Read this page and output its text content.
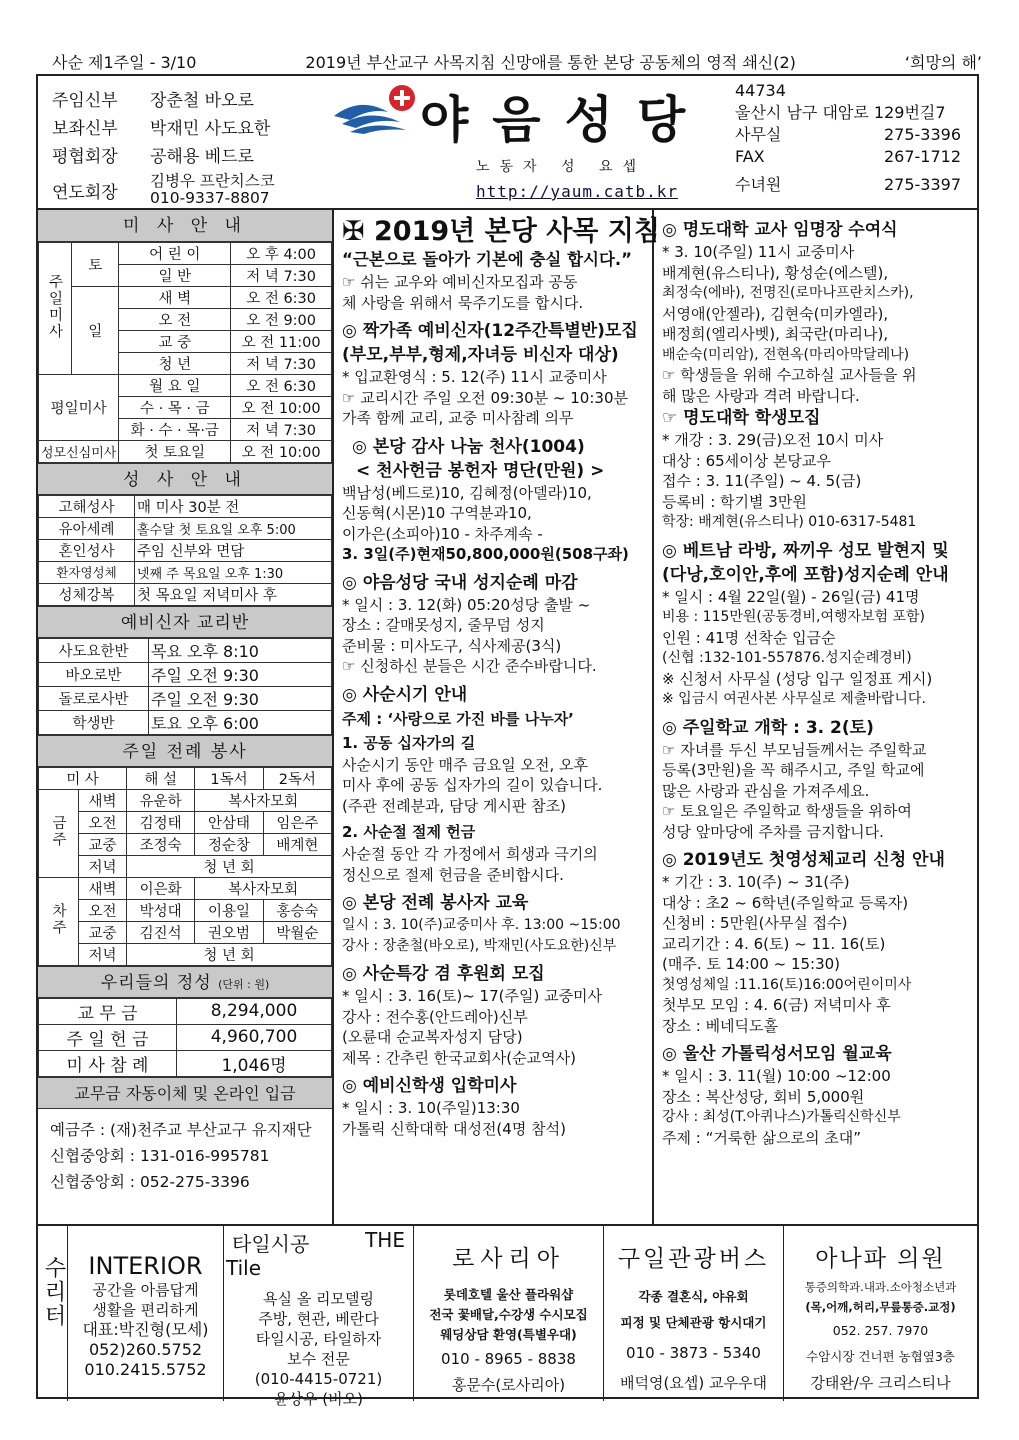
사순 제1주일 - 3/10	2019년 부산교구 사목지침 신망애를 통한 본당 공동체의 영적 쇄신(2)	‘희망의 해’
주임신부	장춘철 바오로
보좌신부	박재민 사도요한
평협회장	공해용 베드로
연도회장
김병우 프란치스코
010-9337-8807
야음성당
노동자 성 요셉
http://yaum.catb.kr
44734
울산시 남구 대암로 129번길7
사무실	275-3396
FAX	267-1712
수녀원	275-3397
미 사 안 내
주일미사	토	어 린 이	오 후 4:00
		일 반	저 녁 7:30
	일	새 벽	오 전 6:30
		오 전	오 전 9:00
		교 중	오 전 11:00
		청 년	저 녁 7:30
평일미사		월 요 일	오 전 6:30
		수 · 목 · 금	오 전 10:00
		화 · 수 · 목·금	저 녁 7:30
성모신심미사		첫 토요일	오 전 10:00
성 사 안 내
고해성사	매 미사 30분 전
유아세례	홀수달 첫 토요일 오후 5:00
혼인성사	주임 신부와 면담
환자영성체	넷째 주 목요일 오후 1:30
성체강복	첫 목요일 저녁미사 후
예비신자 교리반
사도요한반	목요 오후 8:10
바오로반	주일 오전 9:30
돌로로사반	주일 오전 9:30
학생반	토요 오후 6:00
주일 전례 봉사
미 사		해 설	1독서	2독서
금주	새벽	유운하	복사자모회	
	오전	김정태	안삼태	임은주
	교중	조정숙	정순창	배계현
	저녁	청 년 회		
차주	새벽	이은화	복사자모회	
	오전	박성대	이용일	홍승숙
	교중	김진석	권오범	박월순
	저녁	청 년 회		
우리들의 정성 (단위 : 원)
교 무 금	8,294,000
주 일 헌 금	4,960,700
미 사 참 례	1,046명
교무금 자동이체 및 온라인 입금
예금주 : (재)천주교 부산교구 유지재단
신협중앙회 : 131-016-995781
신협중앙회 : 052-275-3396
✠ 2019년 본당 사목 지침
“근본으로 돌아가 기본에 충실 합시다.”
☞ 쉬는 교우와 예비신자모집과 공동
체 사랑을 위해서 묵주기도를 합시다.
◎ 짝가족 예비신자(12주간특별반)모집
(부모,부부,형제,자녀등 비신자 대상)
* 입교환영식 : 5. 12(주) 11시 교중미사
☞ 교리시간 주일 오전 09:30분 ~ 10:30분
가족 함께 교리, 교중 미사참례 의무
◎ 본당 감사 나눔 천사(1004)
< 천사헌금 봉헌자 명단(만원) >
백남성(베드로)10, 김혜정(아델라)10,
신동혁(시몬)10 구역분과10,
이가은(소피아)10 - 차주계속 -
3. 3일(주)현재50,800,000원(508구좌)
◎ 야음성당 국내 성지순례 마감
* 일시 : 3. 12(화) 05:20성당 출발 ~
장소 : 갈매못성지, 줄무덤 성지
준비물 : 미사도구, 식사제공(3식)
☞ 신청하신 분들은 시간 준수바랍니다.
◎ 사순시기 안내
주제 : ‘사랑으로 가진 바를 나누자’
1. 공동 십자가의 길
사순시기 동안 매주 금요일 오전, 오후
미사 후에 공동 십자가의 길이 있습니다.
(주관 전례분과, 담당 게시판 참조)
2. 사순절 절제 헌금
사순절 동안 각 가정에서 희생과 극기의
정신으로 절제 헌금을 준비합시다.
◎ 본당 전례 봉사자 교육
일시 : 3. 10(주)교중미사 후. 13:00 ~15:00
강사 : 장춘철(바오로), 박재민(사도요한)신부
◎ 사순특강 겸 후원회 모집
* 일시 : 3. 16(토)~ 17(주일) 교중미사
강사 : 전수홍(안드레아)신부
(오륜대 순교복자성지 담당)
제목 : 간추린 한국교회사(순교역사)
◎ 예비신학생 입학미사
* 일시 : 3. 10(주일)13:30
가톨릭 신학대학 대성전(4명 참석)
◎ 명도대학 교사 임명장 수여식
* 3. 10(주일) 11시 교중미사
배계현(유스티나), 황성순(에스텔),
최정숙(에바), 전명진(로마나프란치스카),
서영애(안젤라), 김현숙(미카엘라),
배정희(엘리사벳), 최국란(마리나),
배순숙(미리암), 전현옥(마리아막달레나)
☞ 학생들을 위해 수고하실 교사들을 위
해 많은 사랑과 격려 바랍니다.
☞ 명도대학 학생모집
* 개강 : 3. 29(금)오전 10시 미사
대상 : 65세이상 본당교우
접수 : 3. 11(주일) ~ 4. 5(금)
등록비 : 학기별 3만원
학장: 배계현(유스티나) 010-6317-5481
◎ 베트남 라방, 짜끼우 성모 발현지 및
(다낭,호이안,후에 포함)성지순례 안내
* 일시 : 4월 22일(월) - 26일(금) 41명
비용 : 115만원(공동경비,여행자보험 포함)
인원 : 41명 선착순 입금순
(신협 :132-101-557876.성지순례경비)
※ 신청서 사무실 (성당 입구 일정표 게시)
※ 입금시 여권사본 사무실로 제출바랍니다.
◎ 주일학교 개학 : 3. 2(토)
☞ 자녀를 두신 부모님들께서는 주일학교
등록(3만원)을 꼭 해주시고, 주일 학교에
많은 사랑과 관심을 가져주세요.
☞ 토요일은 주일학교 학생들을 위하여
성당 앞마당에 주차를 금지합니다.
◎ 2019년도 첫영성체교리 신청 안내
* 기간 : 3. 10(주) ~ 31(주)
대상 : 초2 ~ 6학년(주일학교 등록자)
신청비 : 5만원(사무실 접수)
교리기간 : 4. 6(토) ~ 11. 16(토)
(매주. 토 14:00 ~ 15:30)
첫영성체일 :11.16(토)16:00어린이미사
첫부모 모임 : 4. 6(금) 저녁미사 후
장소 : 베네딕도홀
◎ 울산 가톨릭성서모임 월교육
* 일시 : 3. 11(월) 10:00 ~12:00
장소 : 복산성당, 회비 5,000원
강사 : 최성(T.아퀴나스)가톨릭신학신부
주제 : “거룩한 삶으로의 초대”
수리터 INTERIOR
공간을 아름답게
생활을 편리하게
대표:박진형(모세)
052)260.5752
010.2415.5752
타일시공	THE
Tile
욕실 올 리모델링
주방, 현관, 베란다
타일시공, 타일하자
보수 전문
(010-4415-0721)
윤상우 (비오)
로사리아
롯데호텔 울산 플라워샵
전국 꽃배달,수강생 수시모집
웨딩상담 환영(특별우대)
010 - 8965 - 8838
홍문수(로사리아)
구일관광버스
각종 결혼식, 야유회
피정 및 단체관광 항시대기
010 - 3873 - 5340
배덕영(요셉) 교우우대
아나파 의원
통증의학과.내과.소아청소년과
(목,어깨,허리,무릎통증.교정)
052. 257. 7970
수암시장 건너편 농협옆3층
강태완/우 크리스티나
